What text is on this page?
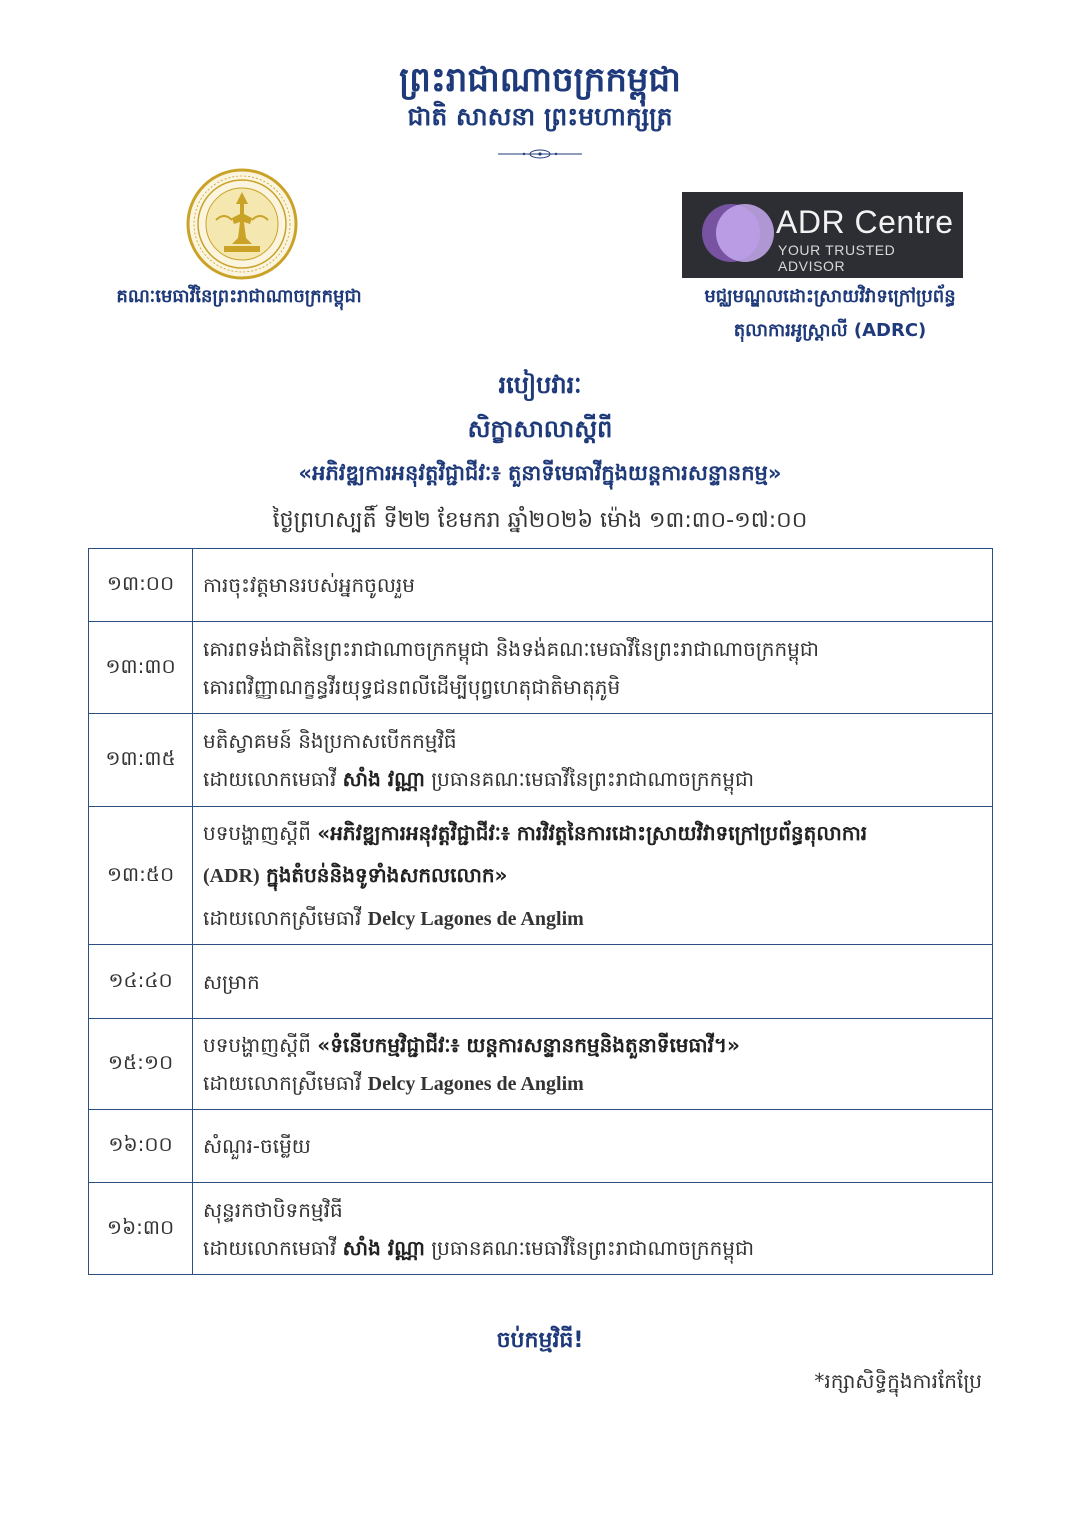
ព្រះរាជាណាចក្រកម្ពុជា
ជាតិ សាសនា ព្រះមហាក្សត្រ
ADR Centre
YOUR TRUSTED ADVISOR
គណៈមេធាវីនៃព្រះរាជាណាចក្រកម្ពុជា	មជ្ឈមណ្ឌលដោះស្រាយវិវាទក្រៅប្រព័ន្ធ
តុលាការអូស្ត្រាលី (ADRC)
របៀបវារៈ
សិក្ខាសាលាស្តីពី
«អភិវឌ្ឍការអនុវត្តវិជ្ជាជីវៈ៖ តួនាទីមេធាវីក្នុងយន្តការសន្ទានកម្ម»
ថ្ងៃព្រហស្បតិ៍ ទី២២ ខែមករា ឆ្នាំ២០២៦ ម៉ោង ១៣:៣០-១៧:០០
១៣:០០	ការចុះវត្តមានរបស់អ្នកចូលរួម

១៣:៣០	គោរពទង់ជាតិនៃព្រះរាជាណាចក្រកម្ពុជា និងទង់គណៈមេធាវីនៃព្រះរាជាណាចក្រកម្ពុជា
គោរពវិញ្ញាណក្ខន្ធវីរយុទ្ធជនពលីដើម្បីបុព្វហេតុជាតិមាតុភូមិ

១៣:៣៥	មតិស្វាគមន៍ និងប្រកាសបើកកម្មវិធី
ដោយលោកមេធាវី សាំង វណ្ណា ប្រធានគណៈមេធាវីនៃព្រះរាជាណាចក្រកម្ពុជា

១៣:៥០	បទបង្ហាញស្តីពី «អភិវឌ្ឍការអនុវត្តវិជ្ជាជីវៈ៖ ការវិវត្តនៃការដោះស្រាយវិវាទក្រៅប្រព័ន្ធតុលាការ
(ADR) ក្នុងតំបន់និងទូទាំងសកលលោក»
ដោយលោកស្រីមេធាវី Delcy Lagones de Anglim

១៤:៤០	សម្រាក

១៥:១០	បទបង្ហាញស្តីពី «ទំនើបកម្មវិជ្ជាជីវៈ៖ យន្តការសន្ទានកម្មនិងតួនាទីមេធាវី។»
ដោយលោកស្រីមេធាវី Delcy Lagones de Anglim

១៦:០០	សំណួរ-ចម្លើយ

១៦:៣០	សុន្ទរកថាបិទកម្មវិធី
ដោយលោកមេធាវី សាំង វណ្ណា ប្រធានគណៈមេធាវីនៃព្រះរាជាណាចក្រកម្ពុជា
ចប់កម្មវិធី!
*រក្សាសិទ្ធិក្នុងការកែប្រែ
